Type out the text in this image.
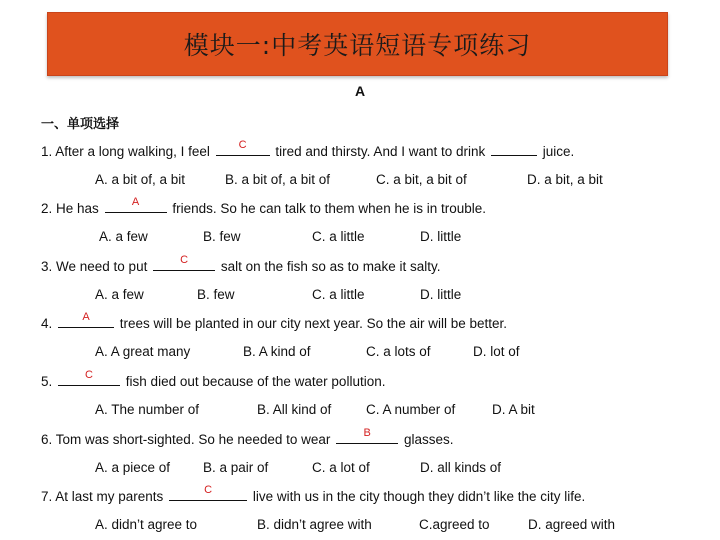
模块一:中考英语短语专项练习
A
一、单项选择
1. After a long walking, I feel	C	tired and thirsty. And I want to drink	juice.
A. a bit of, a bit	B. a bit of, a bit of	C. a bit, a bit of	D. a bit, a bit
2. He has	A	friends. So he can talk to them when he is in trouble.
A. a few	B. few	C. a little	D. little
3. We need to put	C	salt on the fish so as to make it salty.
A. a few	B. few	C. a little	D. little
4.	A	trees will be planted in our city next year. So the air will be better.
A. A great many	B. A kind of	C. a lots of	D. lot of
5.	C	fish died out because of the water pollution.
A. The number of	B. All kind of	C. A number of	D. A bit
6. Tom was short-sighted. So he needed to wear	B	glasses.
A. a piece of B. a pair of	C. a lot of	D. all kinds of
7. At last my parents	C	live with us in the city though they didn’t like the city life.
A. didn’t agree to	B. didn’t agree with	C.agreed to	D. agreed with
